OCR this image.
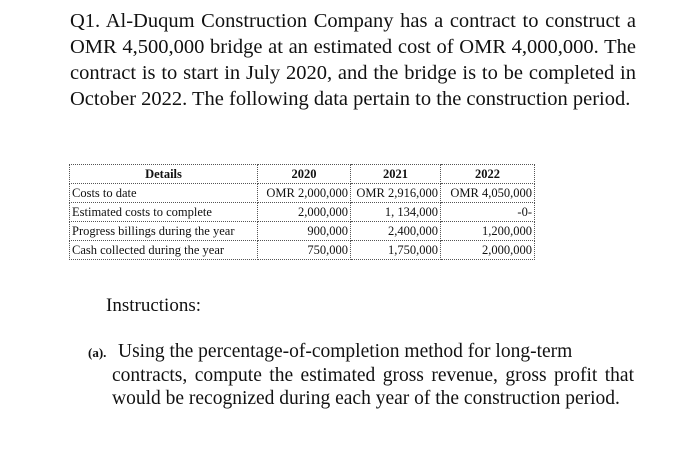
Q1. Al-Duqum Construction Company has a contract to construct a OMR 4,500,000 bridge at an estimated cost of OMR 4,000,000. The contract is to start in July 2020, and the bridge is to be completed in October 2022. The following data pertain to the construction period.

Details	2020	2021	2022
Costs to date	OMR 2,000,000	OMR 2,916,000	OMR 4,050,000
Estimated costs to complete	2,000,000	1, 134,000	-0-
Progress billings during the year	900,000	2,400,000	1,200,000
Cash collected during the year	750,000	1,750,000	2,000,000

Instructions:

(a). Using the percentage-of-completion method for long-term
contracts, compute the estimated gross revenue, gross profit that would be recognized during each year of the construction period.
